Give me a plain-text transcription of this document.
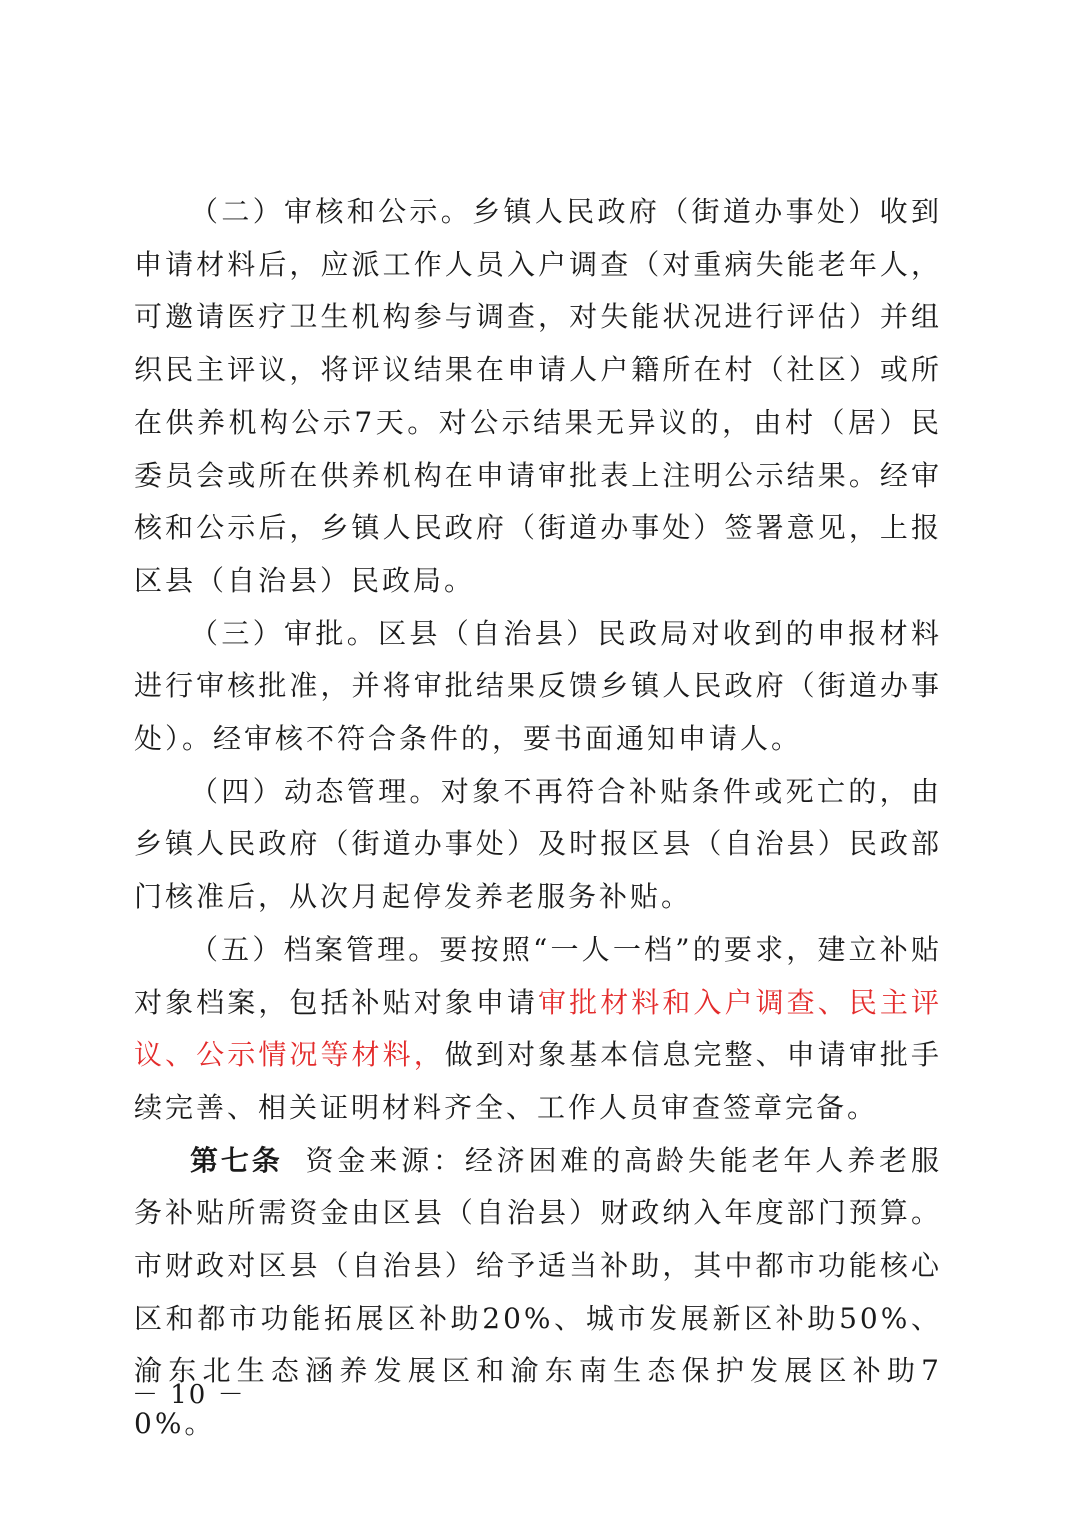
（二）审核和公示。乡镇人民政府（街道办事处）收到申请材料后，应派工作人员入户调查（对重病失能老年人，可邀请医疗卫生机构参与调查，对失能状况进行评估）并组织民主评议，将评议结果在申请人户籍所在村（社区）或所在供养机构公示7天。对公示结果无异议的，由村（居）民委员会或所在供养机构在申请审批表上注明公示结果。经审核和公示后，乡镇人民政府（街道办事处）签署意见，上报区县（自治县）民政局。

（三）审批。区县（自治县）民政局对收到的申报材料进行审核批准，并将审批结果反馈乡镇人民政府（街道办事处）。经审核不符合条件的，要书面通知申请人。

（四）动态管理。对象不再符合补贴条件或死亡的，由乡镇人民政府（街道办事处）及时报区县（自治县）民政部门核准后，从次月起停发养老服务补贴。

（五）档案管理。要按照“一人一档”的要求，建立补贴对象档案，包括补贴对象申请审批材料和入户调查、民主评议、公示情况等材料，做到对象基本信息完整、申请审批手续完善、相关证明材料齐全、工作人员审查签章完备。

第七条 资金来源：经济困难的高龄失能老年人养老服务补贴所需资金由区县（自治县）财政纳入年度部门预算。市财政对区县（自治县）给予适当补助，其中都市功能核心区和都市功能拓展区补助20%、城市发展新区补助50%、渝东北生态涵养发展区和渝东南生态保护发展区补助70%。

－ 10 －
